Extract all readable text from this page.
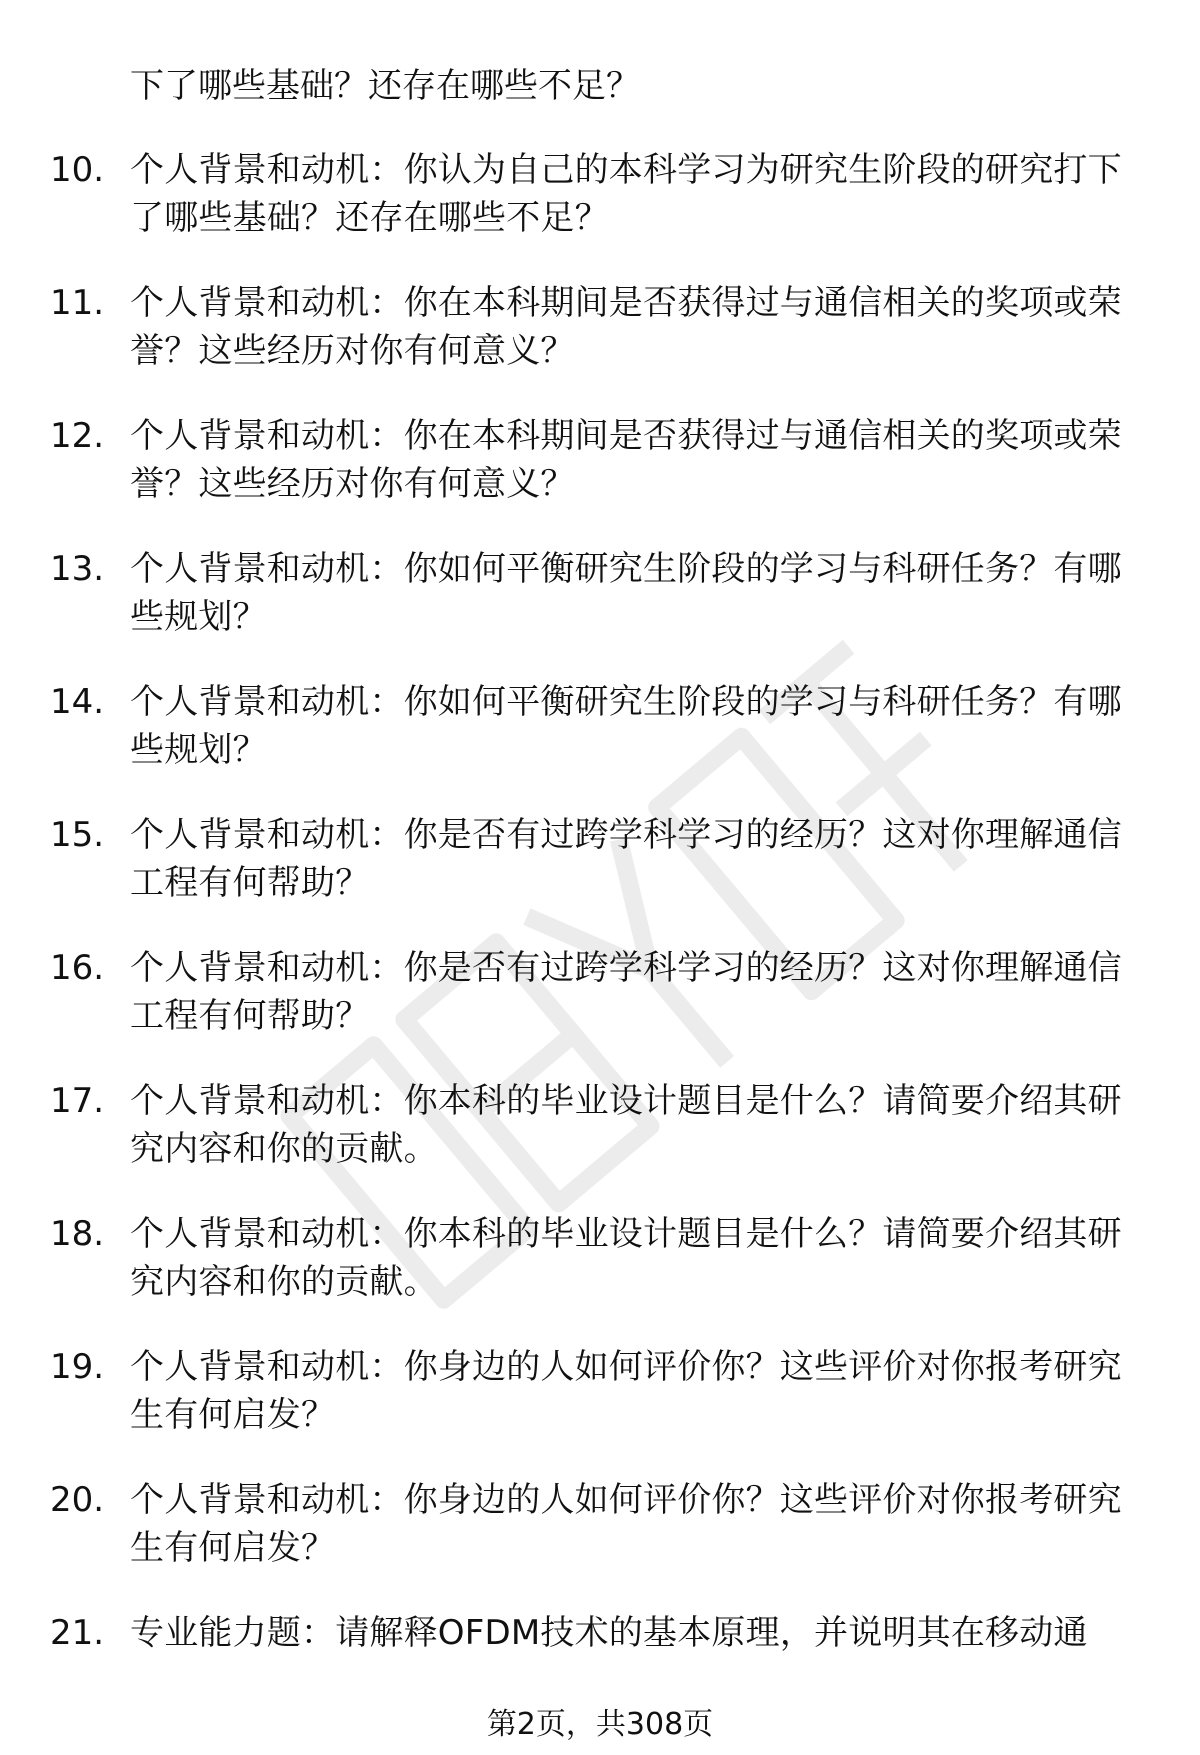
下了哪些基础？还存在哪些不足？
10. 个人背景和动机：你认为自己的本科学习为研究生阶段的研究打下了哪些基础？还存在哪些不足？
11. 个人背景和动机：你在本科期间是否获得过与通信相关的奖项或荣誉？这些经历对你有何意义？
12. 个人背景和动机：你在本科期间是否获得过与通信相关的奖项或荣誉？这些经历对你有何意义？
13. 个人背景和动机：你如何平衡研究生阶段的学习与科研任务？有哪些规划？
14. 个人背景和动机：你如何平衡研究生阶段的学习与科研任务？有哪些规划？
15. 个人背景和动机：你是否有过跨学科学习的经历？这对你理解通信工程有何帮助？
16. 个人背景和动机：你是否有过跨学科学习的经历？这对你理解通信工程有何帮助？
17. 个人背景和动机：你本科的毕业设计题目是什么？请简要介绍其研究内容和你的贡献。
18. 个人背景和动机：你本科的毕业设计题目是什么？请简要介绍其研究内容和你的贡献。
19. 个人背景和动机：你身边的人如何评价你？这些评价对你报考研究生有何启发？
20. 个人背景和动机：你身边的人如何评价你？这些评价对你报考研究生有何启发？
21. 专业能力题：请解释OFDM技术的基本原理，并说明其在移动通
第2页，共308页
